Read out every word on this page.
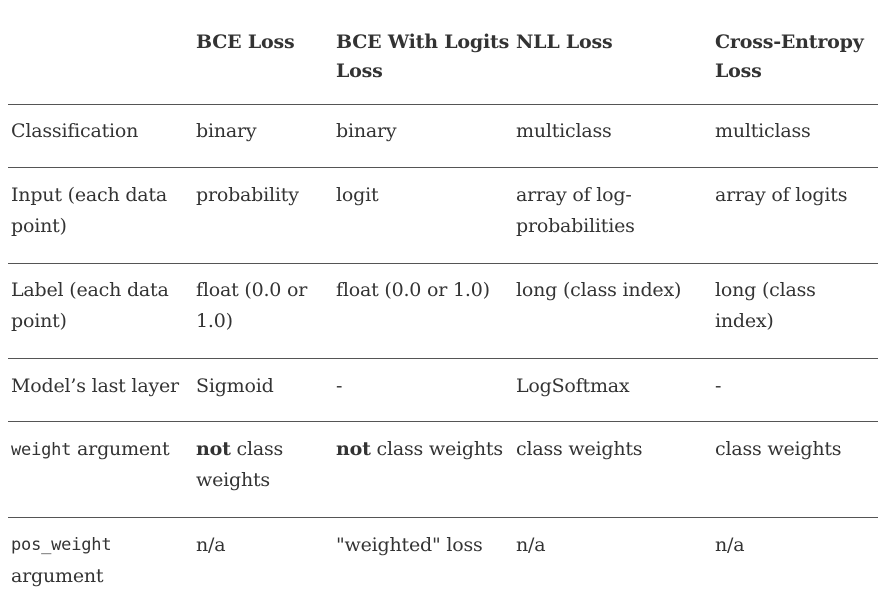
BCE Loss BCE With Logits
Loss
NLL Loss	Cross-Entropy
Loss
Classification	binary	binary	multiclass	multiclass
Input (each data
point)
probability logit	array of log-
probabilities
array of logits
Label (each data
point)
float (0.0 or
1.0)
float (0.0 or 1.0) long (class index) long (class
index)
Model’s last layer Sigmoid	-	LogSoftmax	-
weight argument not class
weights
not class weights class weights	class weights
pos_weight
argument
n/a	"weighted" loss n/a	n/a
